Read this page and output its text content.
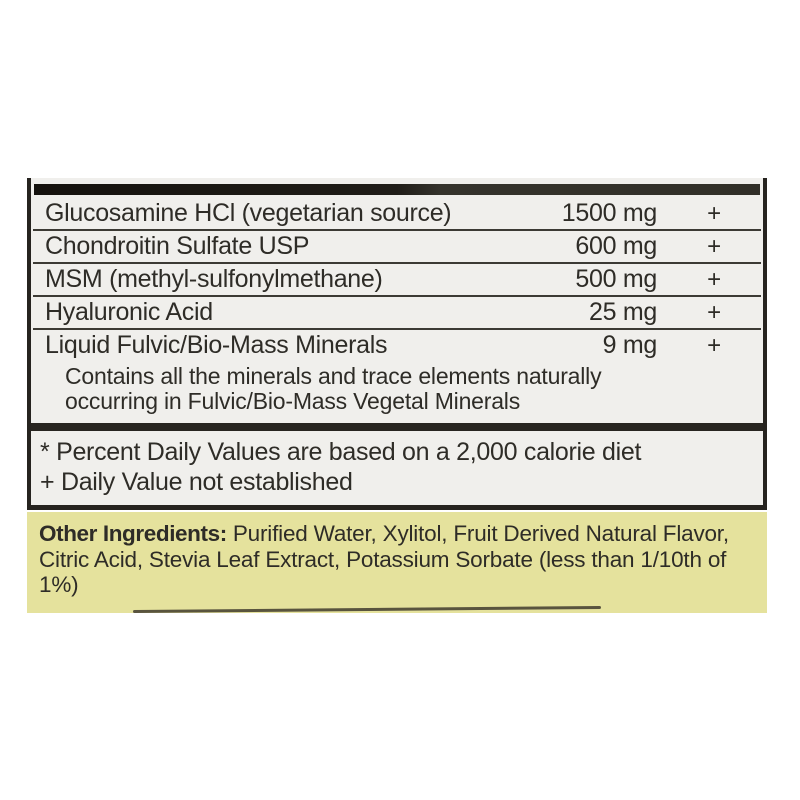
Glucosamine HCl (vegetarian source)	1500 mg	+
Chondroitin Sulfate USP	600 mg	+
MSM (methyl-sulfonylmethane)	500 mg	+
Hyaluronic Acid	25 mg	+
Liquid Fulvic/Bio-Mass Minerals	9 mg	+
Contains all the minerals and trace elements naturally
occurring in Fulvic/Bio-Mass Vegetal Minerals
* Percent Daily Values are based on a 2,000 calorie diet
+ Daily Value not established
Other Ingredients: Purified Water, Xylitol, Fruit Derived Natural Flavor, Citric Acid, Stevia Leaf Extract, Potassium Sorbate (less than 1/10th of 1%)
